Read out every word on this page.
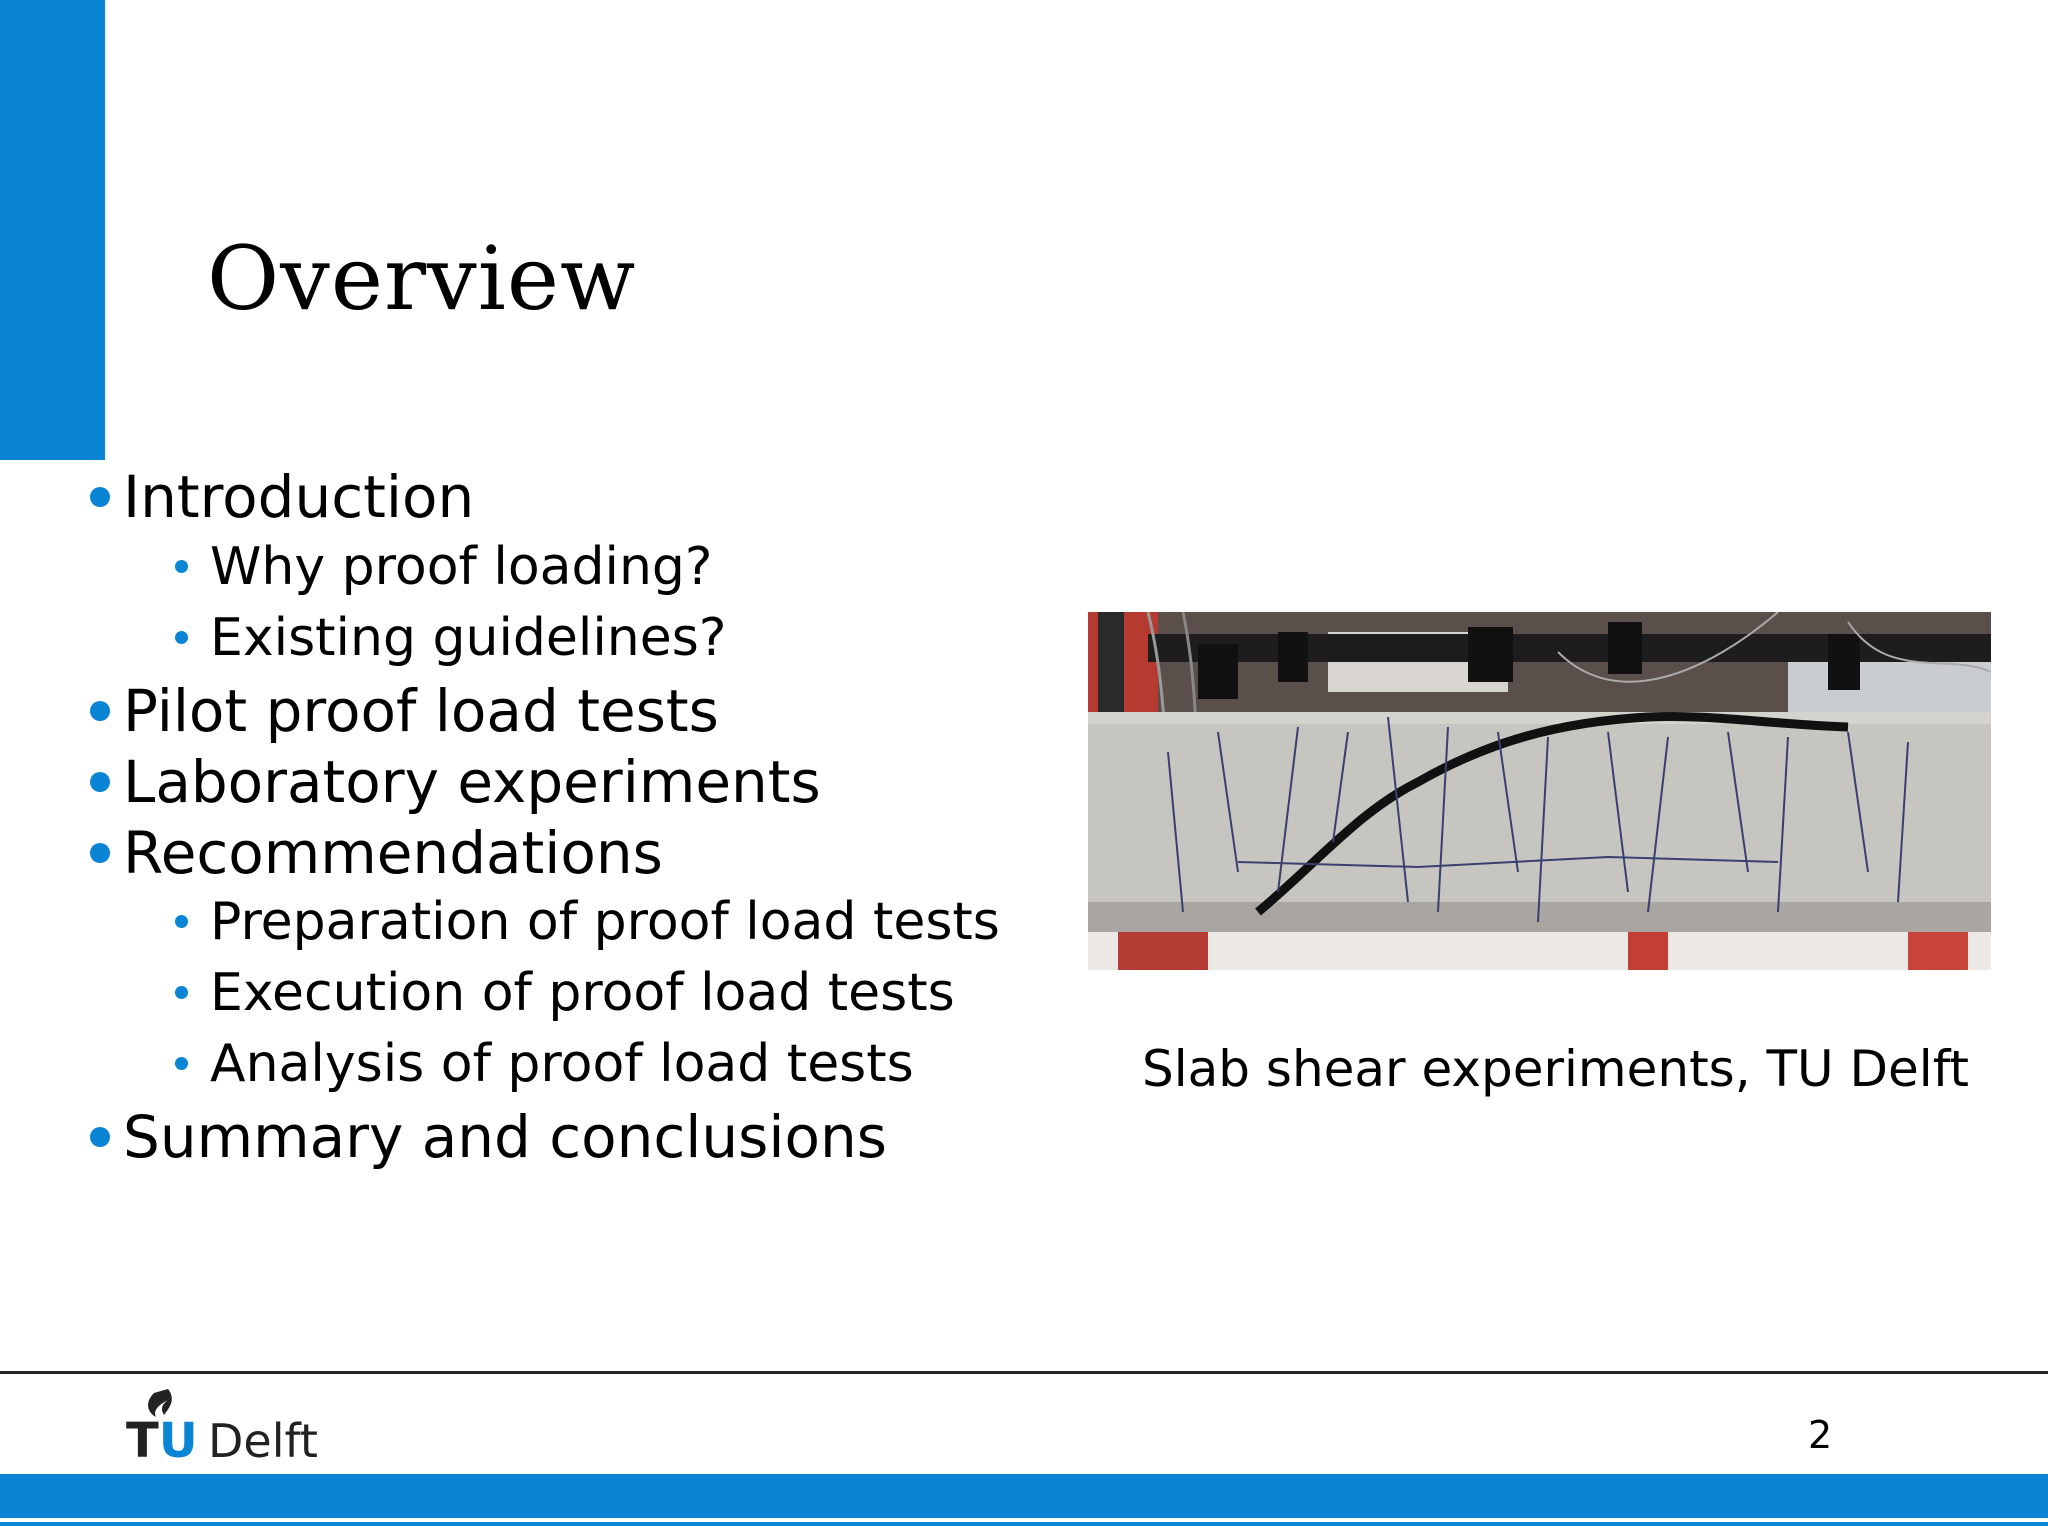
Overview
Introduction
Why proof loading?
Existing guidelines?
Pilot proof load tests
Laboratory experiments
Recommendations
Preparation of proof load tests
Execution of proof load tests
Analysis of proof load tests
Summary and conclusions
Slab shear experiments, TU Delft
TU Delft	2
